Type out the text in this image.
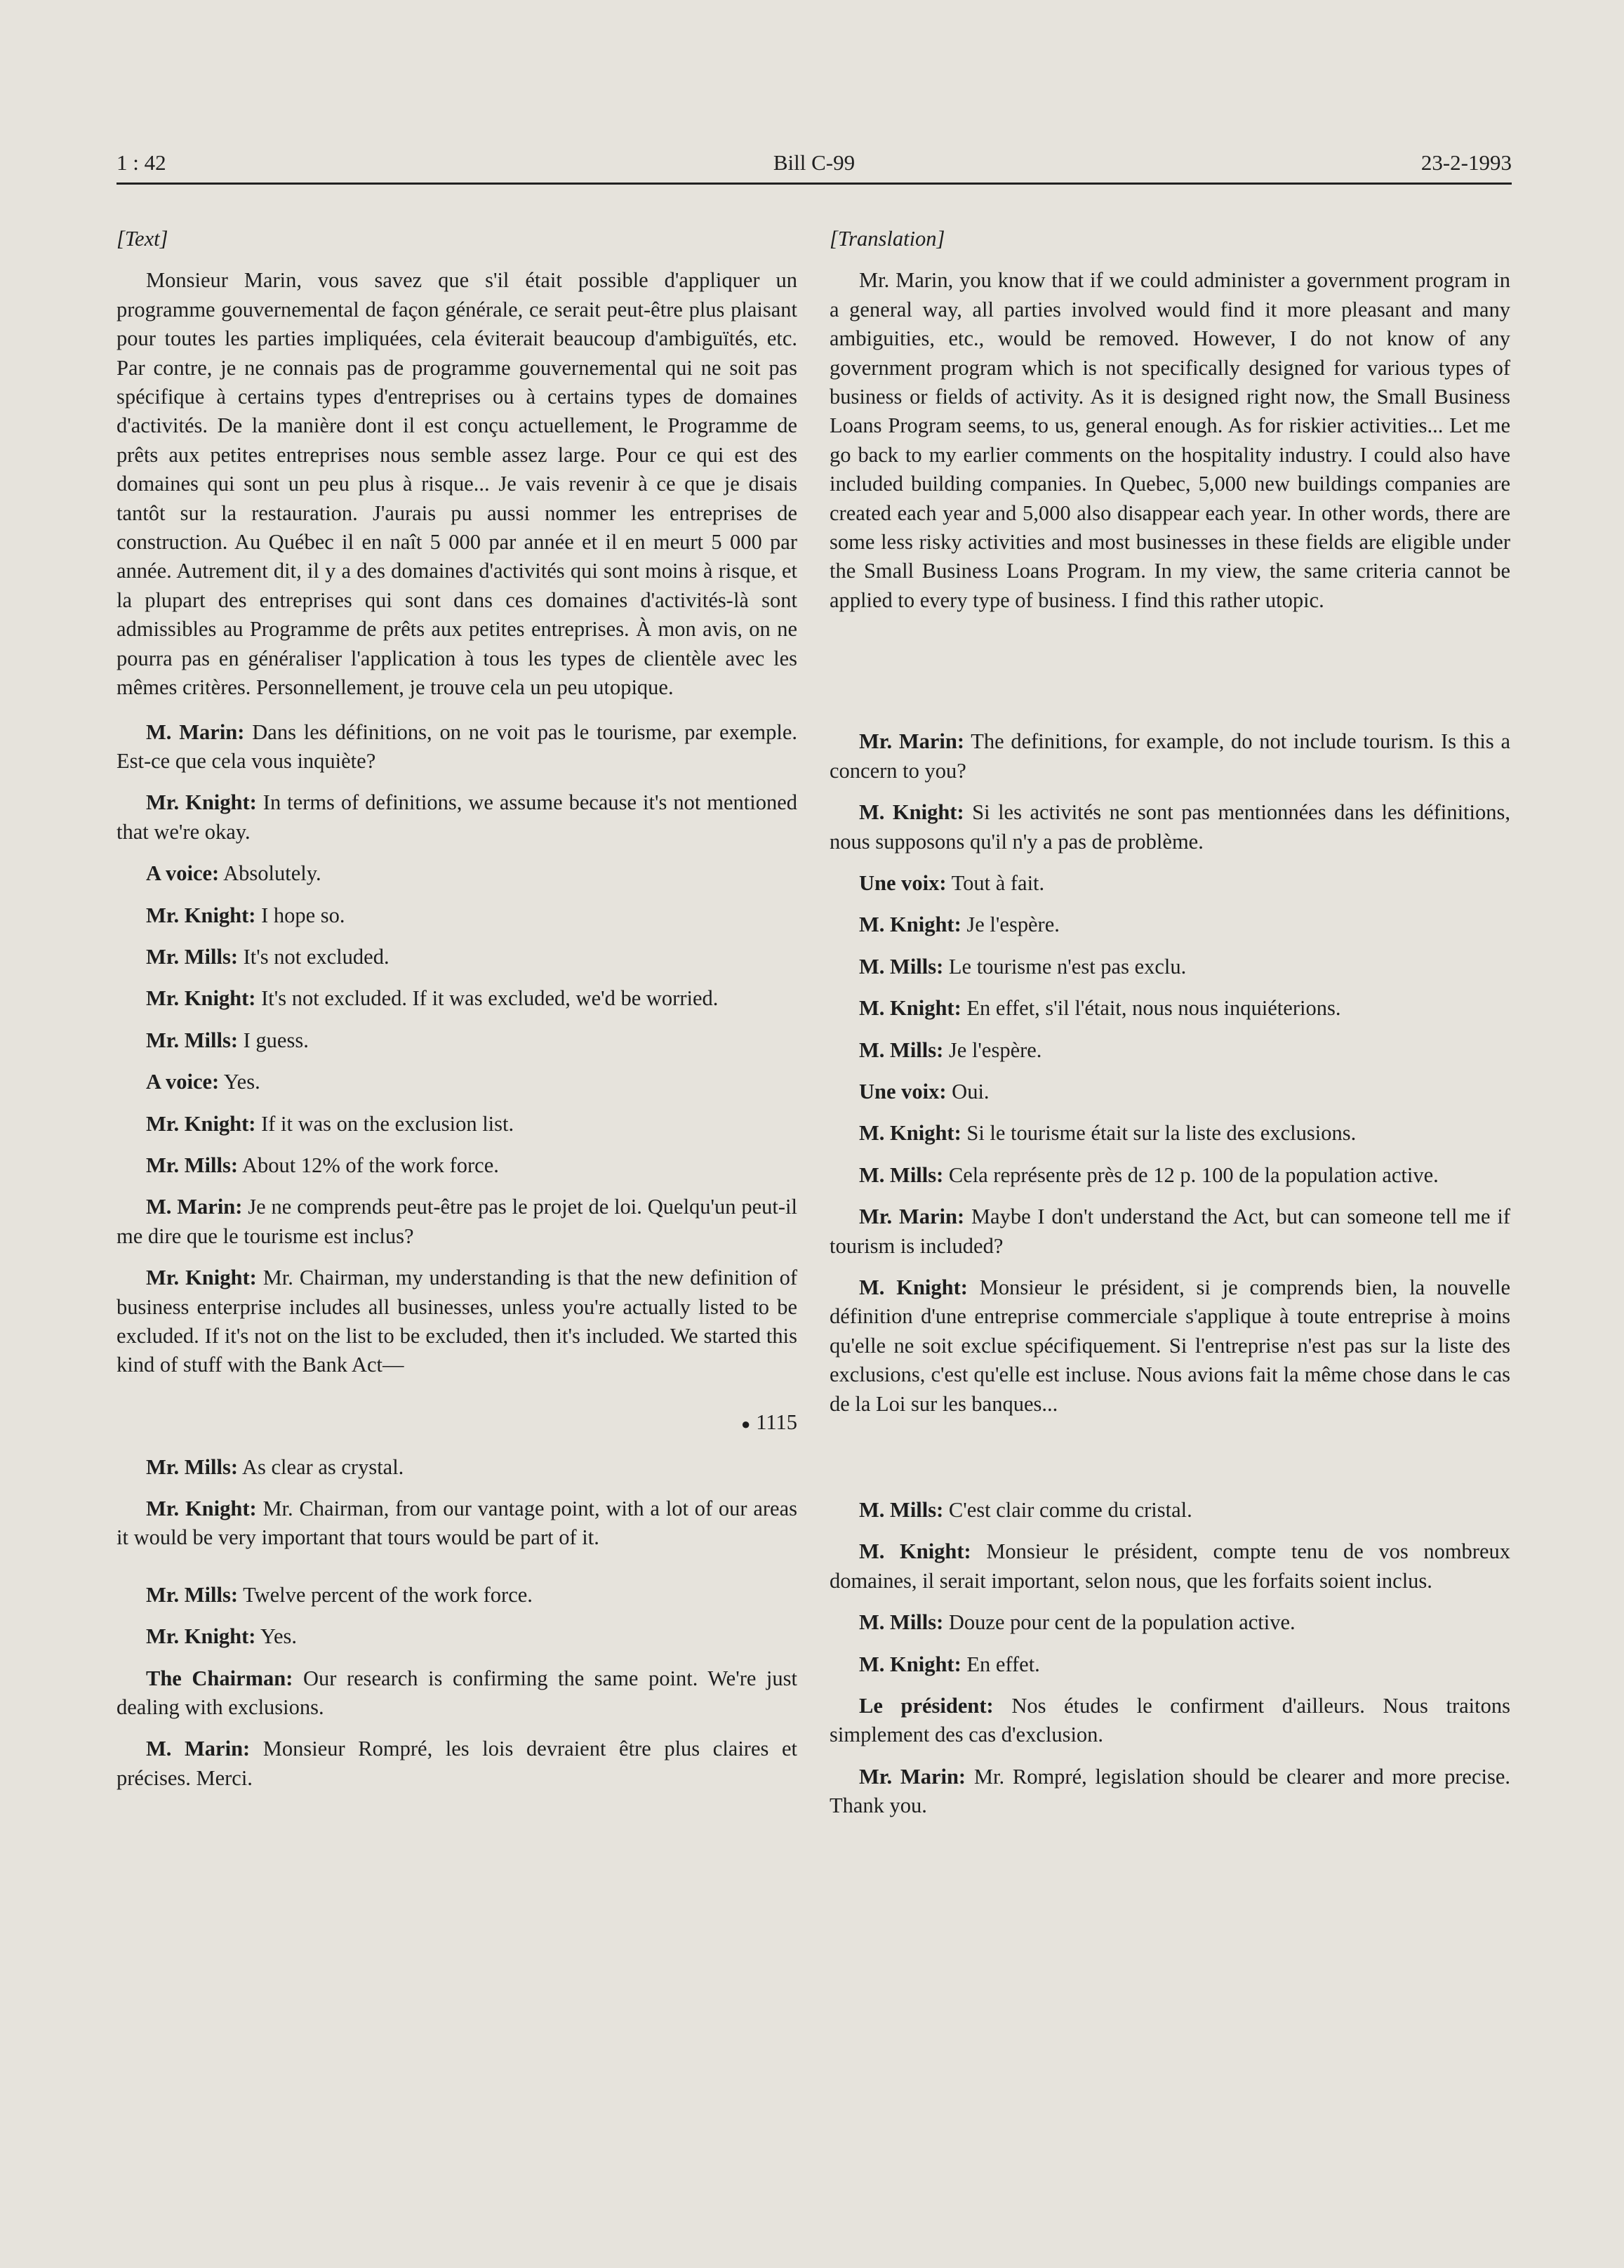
1 : 42	Bill C-99	23-2-1993

[Text]

Monsieur Marin, vous savez que s'il était possible d'appliquer un programme gouvernemental de façon générale, ce serait peut-être plus plaisant pour toutes les parties impliquées, cela éviterait beaucoup d'ambiguïtés, etc. Par contre, je ne connais pas de programme gouvernemental qui ne soit pas spécifique à certains types d'entreprises ou à certains types de domaines d'activités. De la manière dont il est conçu actuellement, le Programme de prêts aux petites entreprises nous semble assez large. Pour ce qui est des domaines qui sont un peu plus à risque... Je vais revenir à ce que je disais tantôt sur la restauration. J'aurais pu aussi nommer les entreprises de construction. Au Québec il en naît 5 000 par année et il en meurt 5 000 par année. Autrement dit, il y a des domaines d'activités qui sont moins à risque, et la plupart des entreprises qui sont dans ces domaines d'activités-là sont admissibles au Programme de prêts aux petites entreprises. À mon avis, on ne pourra pas en généraliser l'application à tous les types de clientèle avec les mêmes critères. Personnellement, je trouve cela un peu utopique.

M. Marin: Dans les définitions, on ne voit pas le tourisme, par exemple. Est-ce que cela vous inquiète?

Mr. Knight: In terms of definitions, we assume because it's not mentioned that we're okay.

A voice: Absolutely.

Mr. Knight: I hope so.

Mr. Mills: It's not excluded.

Mr. Knight: It's not excluded. If it was excluded, we'd be worried.

Mr. Mills: I guess.

A voice: Yes.

Mr. Knight: If it was on the exclusion list.

Mr. Mills: About 12% of the work force.

M. Marin: Je ne comprends peut-être pas le projet de loi. Quelqu'un peut-il me dire que le tourisme est inclus?

Mr. Knight: Mr. Chairman, my understanding is that the new definition of business enterprise includes all businesses, unless you're actually listed to be excluded. If it's not on the list to be excluded, then it's included. We started this kind of stuff with the Bank Act—

● 1115

Mr. Mills: As clear as crystal.

Mr. Knight: Mr. Chairman, from our vantage point, with a lot of our areas it would be very important that tours would be part of it.

Mr. Mills: Twelve percent of the work force.

Mr. Knight: Yes.

The Chairman: Our research is confirming the same point. We're just dealing with exclusions.

M. Marin: Monsieur Rompré, les lois devraient être plus claires et précises. Merci.

[Translation]

Mr. Marin, you know that if we could administer a government program in a general way, all parties involved would find it more pleasant and many ambiguities, etc., would be removed. However, I do not know of any government program which is not specifically designed for various types of business or fields of activity. As it is designed right now, the Small Business Loans Program seems, to us, general enough. As for riskier activities... Let me go back to my earlier comments on the hospitality industry. I could also have included building companies. In Quebec, 5,000 new buildings companies are created each year and 5,000 also disappear each year. In other words, there are some less risky activities and most businesses in these fields are eligible under the Small Business Loans Program. In my view, the same criteria cannot be applied to every type of business. I find this rather utopic.

Mr. Marin: The definitions, for example, do not include tourism. Is this a concern to you?

M. Knight: Si les activités ne sont pas mentionnées dans les définitions, nous supposons qu'il n'y a pas de problème.

Une voix: Tout à fait.

M. Knight: Je l'espère.

M. Mills: Le tourisme n'est pas exclu.

M. Knight: En effet, s'il l'était, nous nous inquiéterions.

M. Mills: Je l'espère.

Une voix: Oui.

M. Knight: Si le tourisme était sur la liste des exclusions.

M. Mills: Cela représente près de 12 p. 100 de la population active.

Mr. Marin: Maybe I don't understand the Act, but can someone tell me if tourism is included?

M. Knight: Monsieur le président, si je comprends bien, la nouvelle définition d'une entreprise commerciale s'applique à toute entreprise à moins qu'elle ne soit exclue spécifiquement. Si l'entreprise n'est pas sur la liste des exclusions, c'est qu'elle est incluse. Nous avions fait la même chose dans le cas de la Loi sur les banques...

M. Mills: C'est clair comme du cristal.

M. Knight: Monsieur le président, compte tenu de vos nombreux domaines, il serait important, selon nous, que les forfaits soient inclus.

M. Mills: Douze pour cent de la population active.

M. Knight: En effet.

Le président: Nos études le confirment d'ailleurs. Nous traitons simplement des cas d'exclusion.

Mr. Marin: Mr. Rompré, legislation should be clearer and more precise. Thank you.
